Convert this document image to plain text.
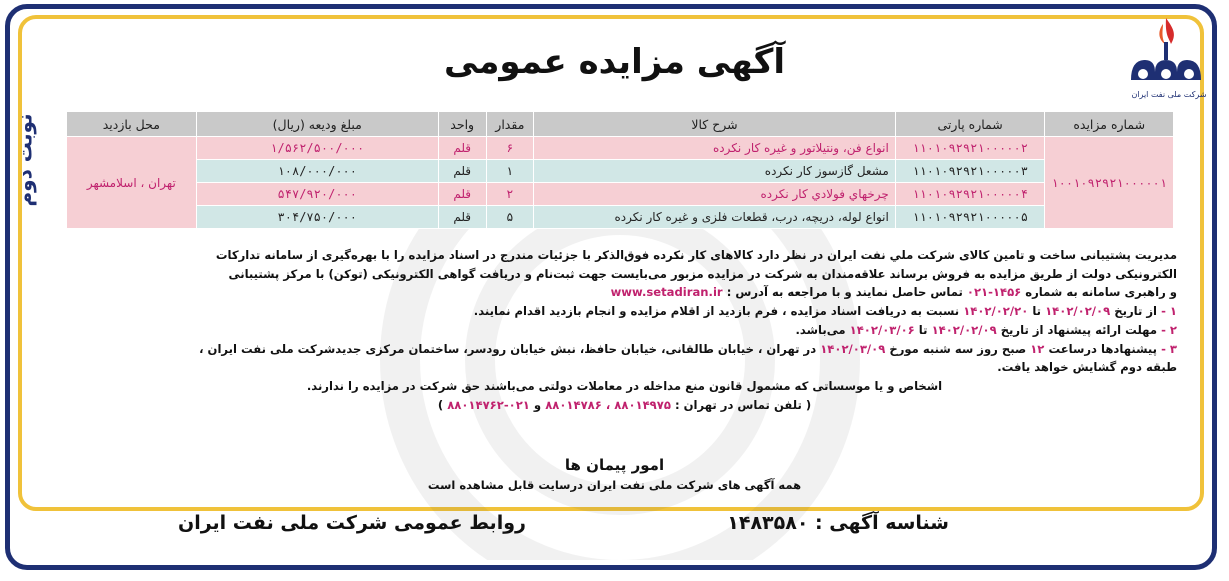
نوبت دوم
شرکت ملی نفت ایران
آگهی مزایده عمومی
شماره مزایده	شماره پارتی	شرح کالا	مقدار	واحد	مبلغ ودیعه (ریال)	محل بازدید
۱۰۰۱۰۹۲۹۲۱۰۰۰۰۰۱	۱۱۰۱۰۹۲۹۲۱۰۰۰۰۰۲	انواع فن، ونتیلاتور و غیره کار نکرده	۶	قلم	۱/۵۶۲/۵۰۰/۰۰۰	تهران ، اسلامشهر
	۱۱۰۱۰۹۲۹۲۱۰۰۰۰۰۳	مشعل گازسوز کار نکرده	۱	قلم	۱۰۸/۰۰۰/۰۰۰	
	۱۱۰۱۰۹۲۹۲۱۰۰۰۰۰۴	چرخهاي فولادي كار نكرده	۲	قلم	۵۴۷/۹۲۰/۰۰۰	
	۱۱۰۱۰۹۲۹۲۱۰۰۰۰۰۵	انواع لوله، دریچه، درب، قطعات فلزی و غیره کار نکرده	۵	قلم	۳۰۴/۷۵۰/۰۰۰	

مدیریت پشتیبانی ساخت و تامین کالای شرکت ملي نفت ايران در نظر دارد کالاهای کار نکرده فوق‌الذکر با جزئیات مندرج در اسناد مزایده را با بهره‌گیری از سامانه تدارکات

الکترونیکی دولت از طریق مزایده به فروش برساند علاقه‌مندان به شرکت در مزایده مزبور می‌بایست جهت ثبت‌نام و دریافت گواهی الکترونیکی (توکن) با مرکز پشتیبانی

و راهبری سامانه به شماره ۱۴۵۶-۰۲۱ تماس حاصل نمایند و با مراجعه به آدرس : www.setadiran.ir

۱ - از تاریخ ۱۴۰۲/۰۲/۰۹ تا ۱۴۰۲/۰۲/۲۰ نسبت به دریافت اسناد مزایده ، فرم بازدید از اقلام مزایده و انجام بازدید اقدام نمایند.

۲ - مهلت ارائه پیشنهاد از تاریخ ۱۴۰۲/۰۲/۰۹ تا ۱۴۰۲/۰۳/۰۶ می‌باشد.

۳ - پیشنهادها درساعت ۱۲ صبح روز سه شنبه مورخ ۱۴۰۲/۰۳/۰۹ در تهران ، خیابان طالقانی، خیابان حافظ، نبش خیابان رودسر، ساختمان مرکزی جدیدشرکت ملی نفت ایران ،

طبقه دوم گشایش خواهد یافت.

اشخاص و یا موسساتی که مشمول قانون منع مداخله در معاملات دولتی می‌باشند حق شرکت در مزایده را ندارند.

( تلفن تماس در تهران : ۸۸۰۱۴۹۷۵ ، ۸۸۰۱۴۷۸۶ و ۰۲۱-۸۸۰۱۴۷۶۲ )

امور پیمان ها
همه آگهی های شرکت ملی نفت ایران درسایت قابل مشاهده است
شناسه آگهی : ۱۴۸۳۵۸۰
روابط عمومی شرکت ملی نفت ایران
